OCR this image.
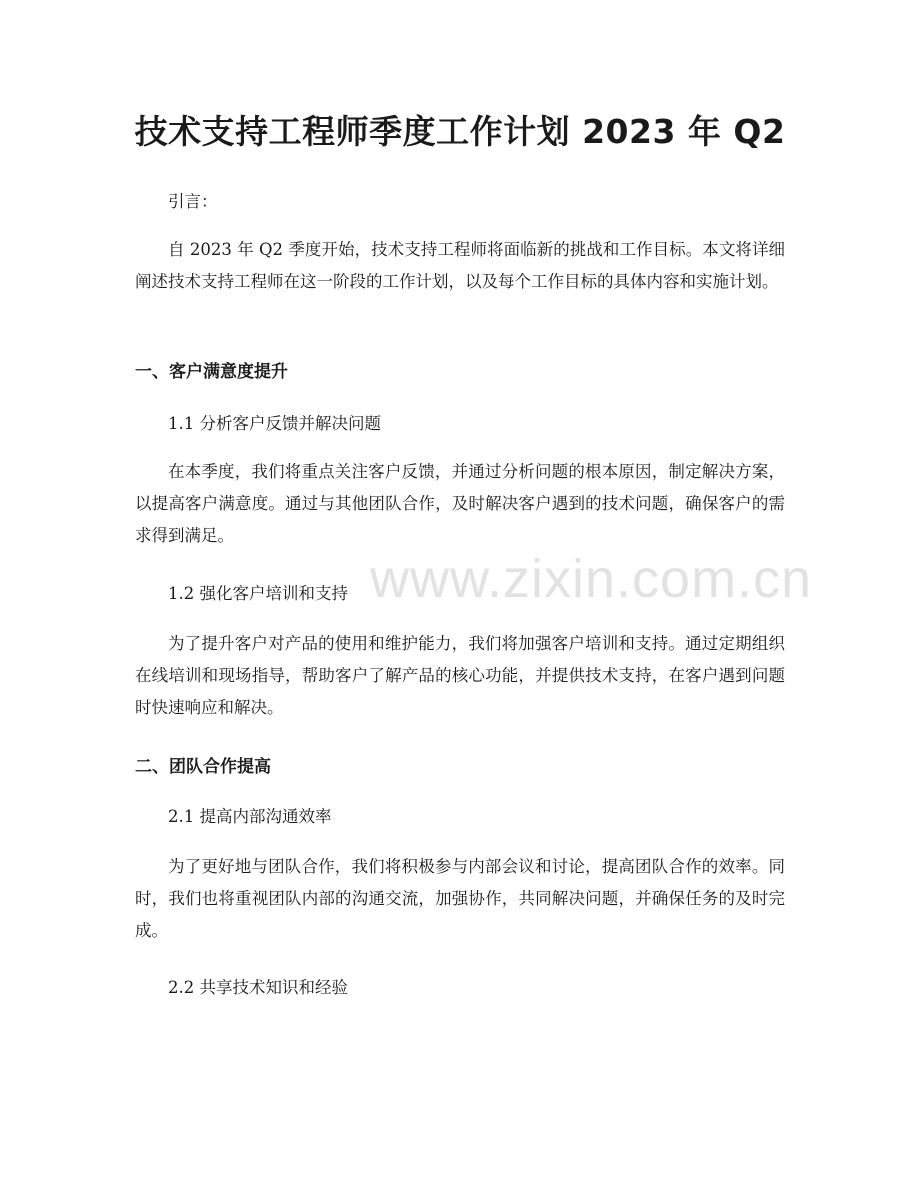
技术支持工程师季度工作计划 2023 年 Q2

引言：

自 2023 年 Q2 季度开始，技术支持工程师将面临新的挑战和工作目标。本文将详细阐述技术支持工程师在这一阶段的工作计划，以及每个工作目标的具体内容和实施计划。

一、客户满意度提升

1.1 分析客户反馈并解决问题

在本季度，我们将重点关注客户反馈，并通过分析问题的根本原因，制定解决方案，以提高客户满意度。通过与其他团队合作，及时解决客户遇到的技术问题，确保客户的需求得到满足。

1.2 强化客户培训和支持

为了提升客户对产品的使用和维护能力，我们将加强客户培训和支持。通过定期组织在线培训和现场指导，帮助客户了解产品的核心功能，并提供技术支持，在客户遇到问题时快速响应和解决。

二、团队合作提高

2.1 提高内部沟通效率

为了更好地与团队合作，我们将积极参与内部会议和讨论，提高团队合作的效率。同时，我们也将重视团队内部的沟通交流，加强协作，共同解决问题，并确保任务的及时完成。

2.2 共享技术知识和经验

www.zixin.com.cn
